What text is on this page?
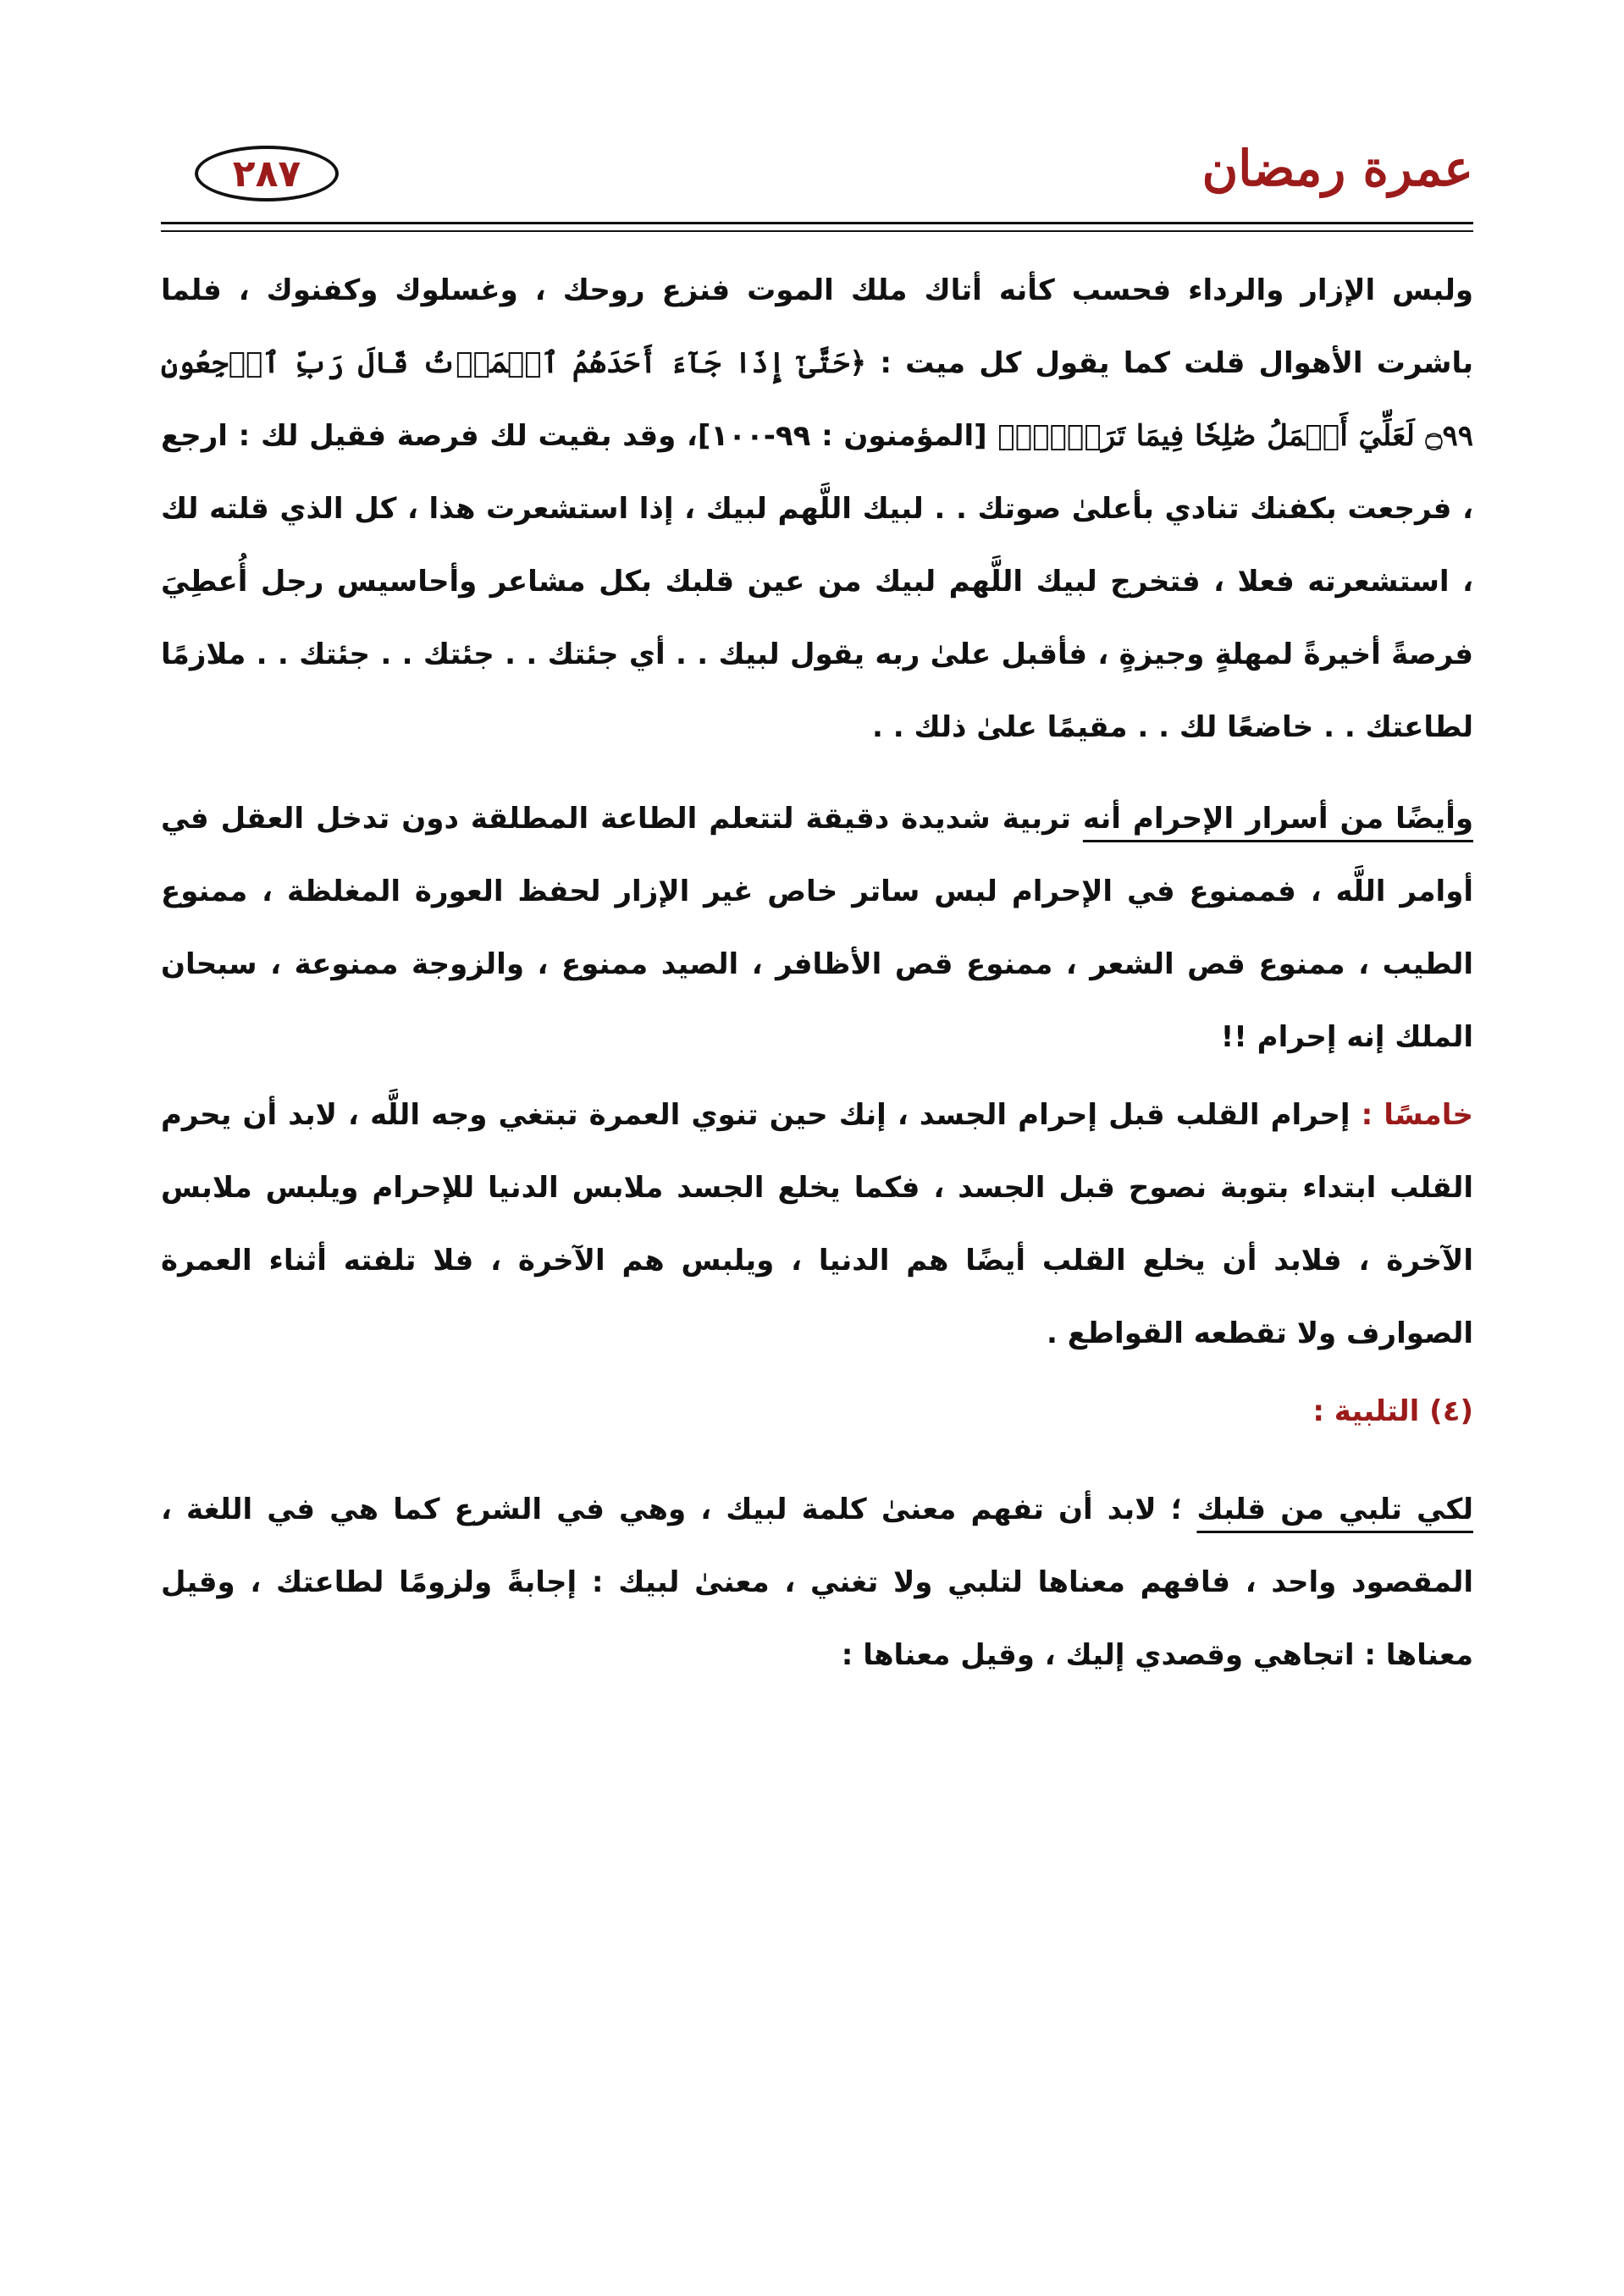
عمرة رمضان
٢٨٧

ولبس الإزار والرداء فحسب كأنه أتاك ملك الموت فنزع روحك ، وغسلوك وكفنوك ، فلما باشرت الأهوال قلت كما يقول كل ميت : ﴿حَتَّىٰٓ إِذَا جَآءَ أَحَدَهُمُ ٱلۡمَوۡتُ قَالَ رَبِّ ٱرۡجِعُونِ ۝٩٩ لَعَلِّيٓ أَعۡمَلُ صَٰلِحٗا فِيمَا تَرَكۡتُۚ﴾ [المؤمنون : ٩٩-١٠٠]، وقد بقيت لك فرصة فقيل لك : ارجع ، فرجعت بكفنك تنادي بأعلىٰ صوتك . . لبيك اللَّهم لبيك ، إذا استشعرت هذا ، كل الذي قلته لك ، استشعرته فعلا ، فتخرج لبيك اللَّهم لبيك من عين قلبك بكل مشاعر وأحاسيس رجل أُعطِيَ فرصةً أخيرةً لمهلةٍ وجيزةٍ ، فأقبل علىٰ ربه يقول لبيك . . أي جئتك . . جئتك . . جئتك . . ملازمًا لطاعتك . . خاضعًا لك . . مقيمًا علىٰ ذلك . .

وأيضًا من أسرار الإحرام أنه تربية شديدة دقيقة لتتعلم الطاعة المطلقة دون تدخل العقل في أوامر اللَّه ، فممنوع في الإحرام لبس ساتر خاص غير الإزار لحفظ العورة المغلظة ، ممنوع الطيب ، ممنوع قص الشعر ، ممنوع قص الأظافر ، الصيد ممنوع ، والزوجة ممنوعة ، سبحان الملك إنه إحرام !!

خامسًا : إحرام القلب قبل إحرام الجسد ، إنك حين تنوي العمرة تبتغي وجه اللَّه ، لابد أن يحرم القلب ابتداء بتوبة نصوح قبل الجسد ، فكما يخلع الجسد ملابس الدنيا للإحرام ويلبس ملابس الآخرة ، فلابد أن يخلع القلب أيضًا هم الدنيا ، ويلبس هم الآخرة ، فلا تلفته أثناء العمرة الصوارف ولا تقطعه القواطع .

(٤) التلبية :

لكي تلبي من قلبك ؛ لابد أن تفهم معنىٰ كلمة لبيك ، وهي في الشرع كما هي في اللغة ، المقصود واحد ، فافهم معناها لتلبي ولا تغني ، معنىٰ لبيك : إجابةً ولزومًا لطاعتك ، وقيل معناها : اتجاهي وقصدي إليك ، وقيل معناها :
